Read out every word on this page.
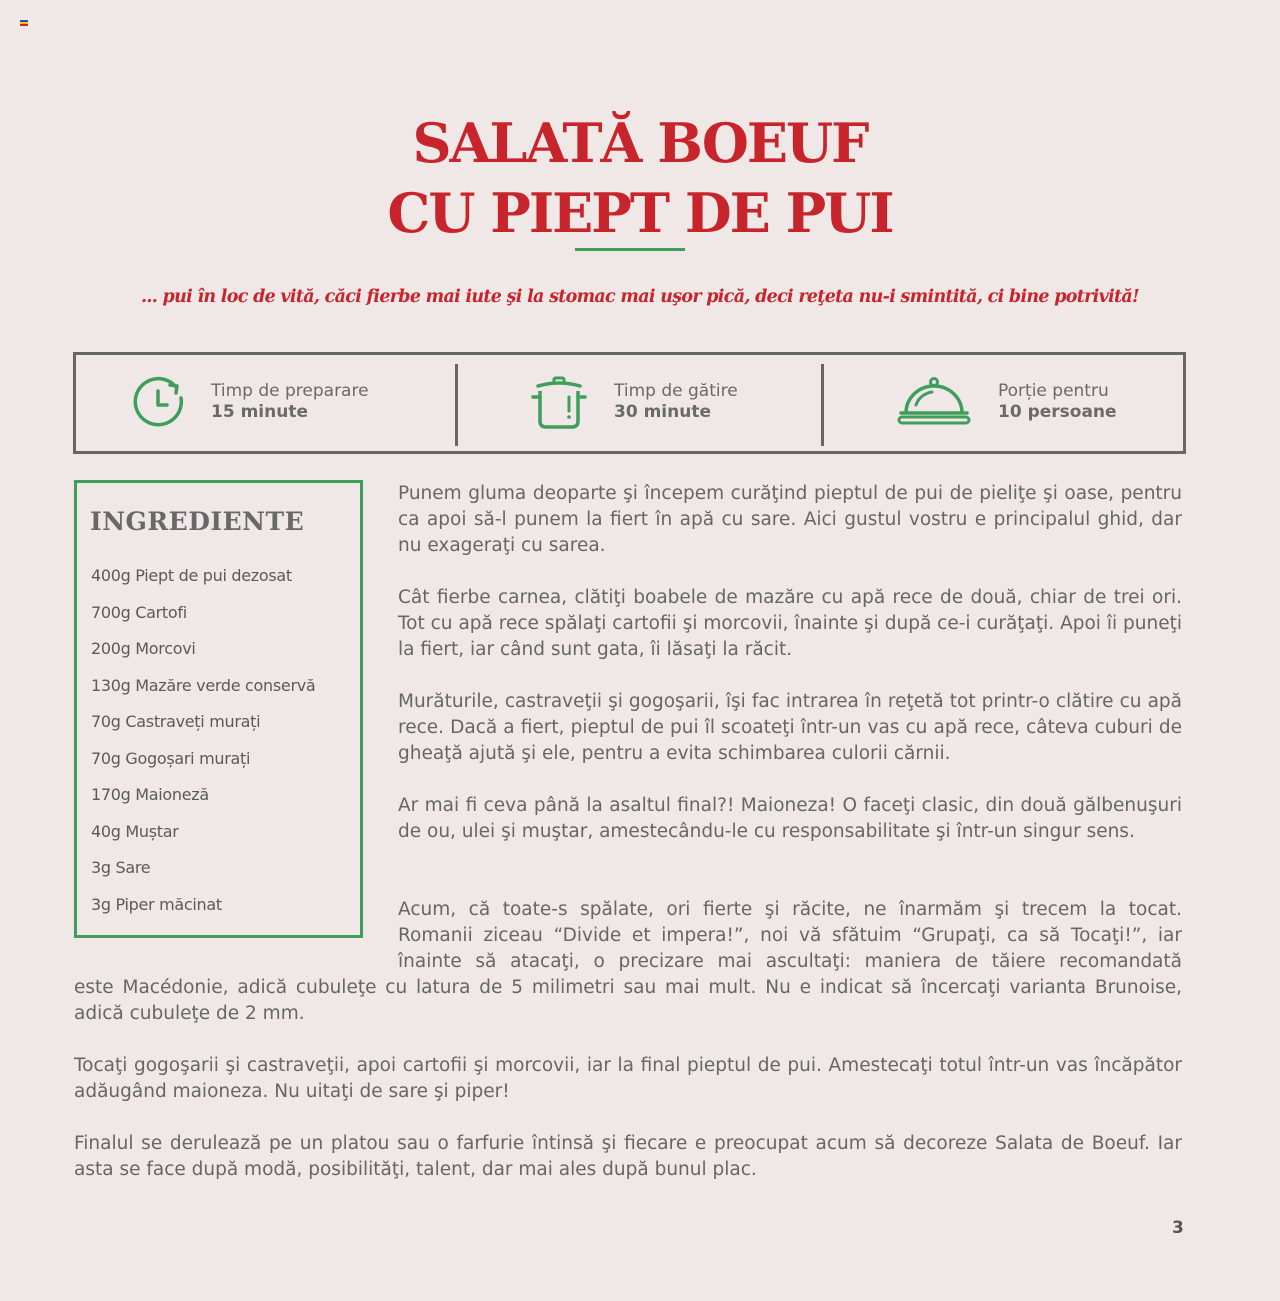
SALATĂ BOEUF
CU PIEPT DE PUI
... pui în loc de vită, căci fierbe mai iute şi la stomac mai uşor pică, deci reţeta nu-i smintită, ci bine potrivită!
Timp de preparare
15 minute
Timp de gătire
30 minute
Porție pentru
10 persoane
INGREDIENTE
400g Piept de pui dezosat
700g Cartofi
200g Morcovi
130g Mazăre verde conservă
70g Castraveți murați
70g Gogoșari murați
170g Maioneză
40g Muștar
3g Sare
3g Piper măcinat

Punem gluma deoparte şi începem curăţind pieptul de pui de pieliţe şi oase, pentru ca apoi să-l punem la fiert în apă cu sare. Aici gustul vostru e principalul ghid, dar nu exageraţi cu sarea.

Cât fierbe carnea, clătiţi boabele de mazăre cu apă rece de două, chiar de trei ori. Tot cu apă rece spălaţi cartofii şi morcovii, înainte şi după ce-i curăţaţi. Apoi îi puneţi la fiert, iar când sunt gata, îi lăsaţi la răcit.

Murăturile, castraveţii şi gogoşarii, îşi fac intrarea în reţetă tot printr-o clătire cu apă rece. Dacă a fiert, pieptul de pui îl scoateţi într-un vas cu apă rece, câteva cuburi de gheaţă ajută şi ele, pentru a evita schimbarea culorii cărnii.

Ar mai fi ceva până la asaltul final?! Maioneza! O faceţi clasic, din două gălbenuşuri de ou, ulei şi muştar, amestecându-le cu responsabilitate şi într-un singur sens.

Acum, că toate-s spălate, ori fierte şi răcite, ne înarmăm şi trecem la tocat.

Romanii ziceau “Divide et impera!”, noi vă sfătuim “Grupaţi, ca să Tocaţi!”, iar

înainte să atacaţi, o precizare mai ascultaţi: maniera de tăiere recomandată

este Macédonie, adică cubuleţe cu latura de 5 milimetri sau mai mult. Nu e indicat să încercaţi varianta Brunoise, adică cubuleţe de 2 mm.

Tocaţi gogoşarii şi castraveţii, apoi cartofii şi morcovii, iar la final pieptul de pui. Amestecaţi totul într-un vas încăpător adăugând maioneza. Nu uitaţi de sare şi piper!

Finalul se derulează pe un platou sau o farfurie întinsă şi fiecare e preocupat acum să decoreze Salata de Boeuf. Iar asta se face după modă, posibilităţi, talent, dar mai ales după bunul plac.

3
